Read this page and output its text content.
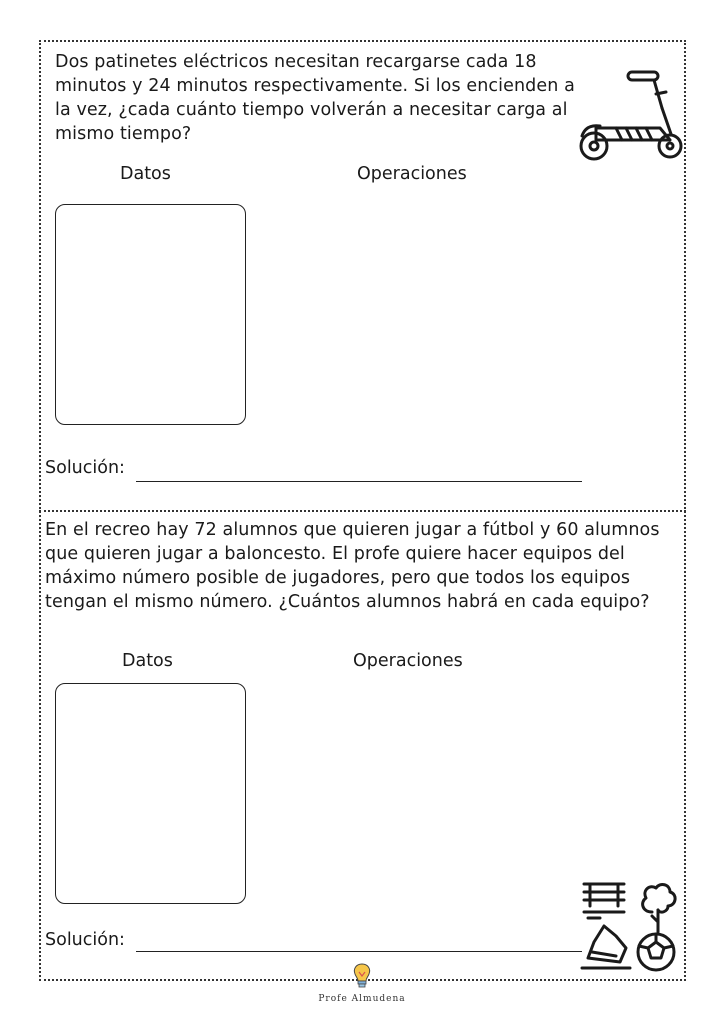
Dos patinetes eléctricos necesitan recargarse cada 18 minutos y 24 minutos respectivamente. Si los encienden a la vez, ¿cada cuánto tiempo volverán a necesitar carga al mismo tiempo?
Datos	Operaciones
Solución:
En el recreo hay 72 alumnos que quieren jugar a fútbol y 60 alumnos que quieren jugar a baloncesto. El profe quiere hacer equipos del máximo número posible de jugadores, pero que todos los equipos tengan el mismo número. ¿Cuántos alumnos habrá en cada equipo?
Datos	Operaciones
Solución:
Profe Almudena
